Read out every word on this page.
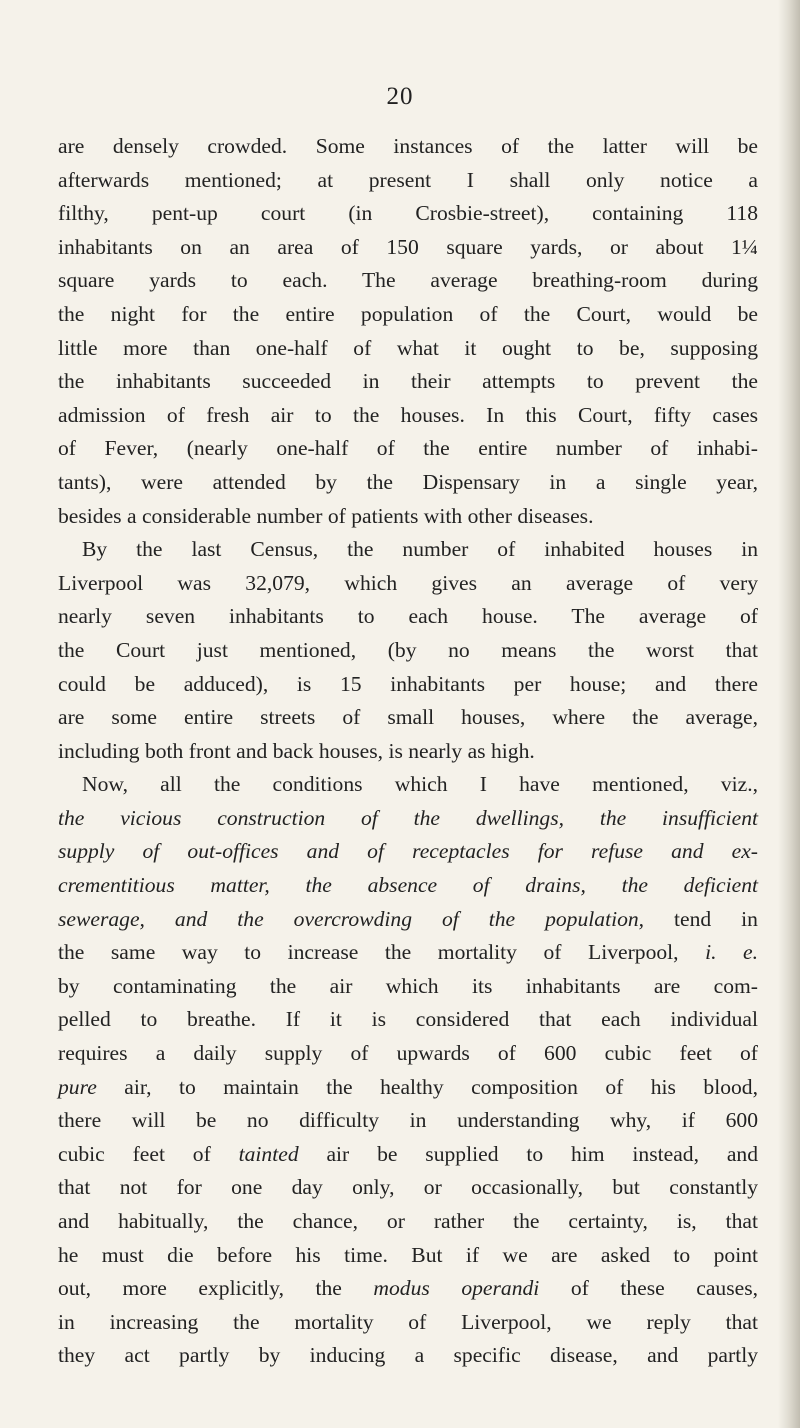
20
are densely crowded. Some instances of the latter will be
afterwards mentioned; at present I shall only notice a
filthy, pent-up court (in Crosbie-street), containing 118
inhabitants on an area of 150 square yards, or about 1¼
square yards to each. The average breathing-room during
the night for the entire population of the Court, would be
little more than one-half of what it ought to be, supposing
the inhabitants succeeded in their attempts to prevent the
admission of fresh air to the houses. In this Court, fifty cases
of Fever, (nearly one-half of the entire number of inhabi-
tants), were attended by the Dispensary in a single year,
besides a considerable number of patients with other diseases.
By the last Census, the number of inhabited houses in
Liverpool was 32,079, which gives an average of very
nearly seven inhabitants to each house. The average of
the Court just mentioned, (by no means the worst that
could be adduced), is 15 inhabitants per house; and there
are some entire streets of small houses, where the average,
including both front and back houses, is nearly as high.
Now, all the conditions which I have mentioned, viz.,
the vicious construction of the dwellings, the insufficient
supply of out-offices and of receptacles for refuse and ex-
crementitious matter, the absence of drains, the deficient
sewerage, and the overcrowding of the population, tend in
the same way to increase the mortality of Liverpool, i. e.
by contaminating the air which its inhabitants are com-
pelled to breathe. If it is considered that each individual
requires a daily supply of upwards of 600 cubic feet of
pure air, to maintain the healthy composition of his blood,
there will be no difficulty in understanding why, if 600
cubic feet of tainted air be supplied to him instead, and
that not for one day only, or occasionally, but constantly
and habitually, the chance, or rather the certainty, is, that
he must die before his time. But if we are asked to point
out, more explicitly, the modus operandi of these causes,
in increasing the mortality of Liverpool, we reply that
they act partly by inducing a specific disease, and partly
